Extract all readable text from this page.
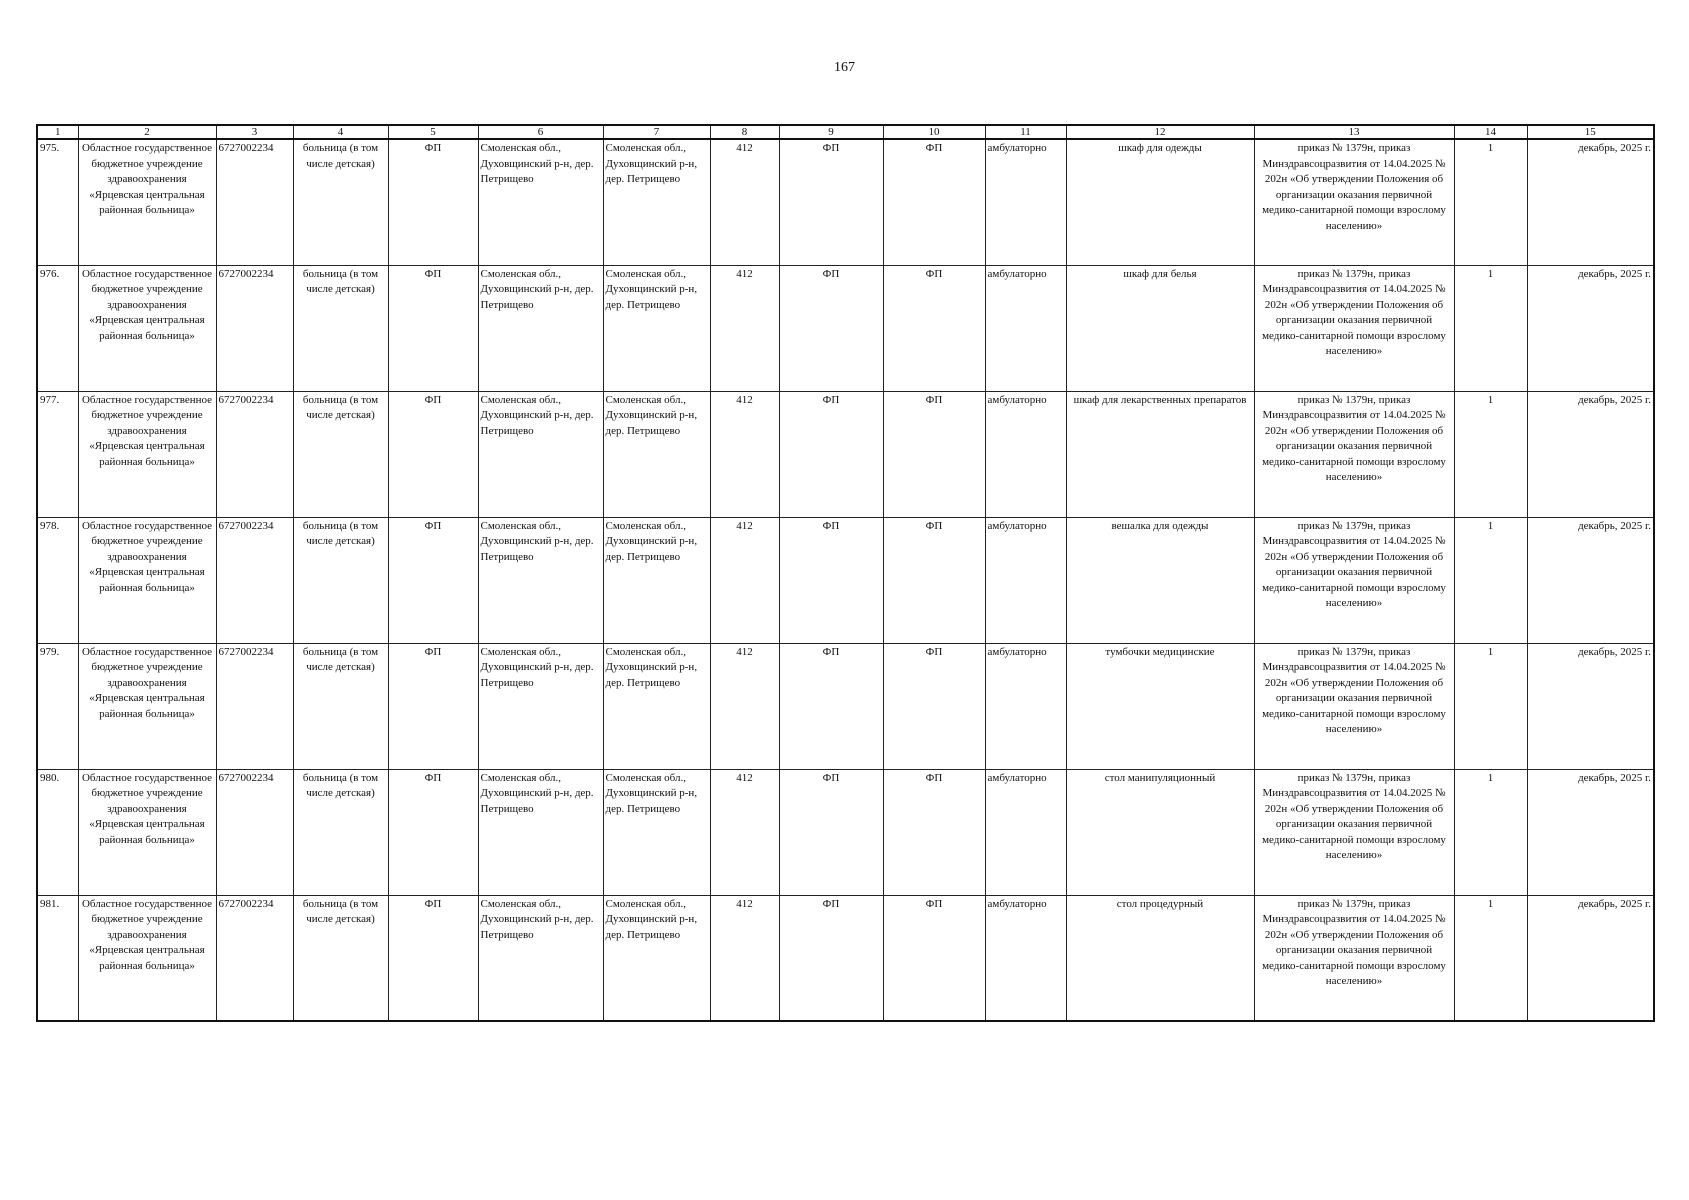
167
1	2	3	4	5	6	7	8	9	10	11	12	13	14	15
975.	Областное государственное бюджетное учреждение здравоохранения «Ярцевская центральная районная больница»	6727002234	больница (в том числе детская)	ФП	Смоленская обл., Духовщинский р-н, дер. Петрищево	Смоленская обл., Духовщинский р-н, дер. Петрищево	412	ФП	ФП	амбулаторно	шкаф для одежды	приказ № 1379н, приказ Минздравсоцразвития от 14.04.2025 № 202н «Об утверждении Положения об организации оказания первичной медико-санитарной помощи взрослому населению»	1	декабрь, 2025 г.
976.	Областное государственное бюджетное учреждение здравоохранения «Ярцевская центральная районная больница»	6727002234	больница (в том числе детская)	ФП	Смоленская обл., Духовщинский р-н, дер. Петрищево	Смоленская обл., Духовщинский р-н, дер. Петрищево	412	ФП	ФП	амбулаторно	шкаф для белья	приказ № 1379н, приказ Минздравсоцразвития от 14.04.2025 № 202н «Об утверждении Положения об организации оказания первичной медико-санитарной помощи взрослому населению»	1	декабрь, 2025 г.
977.	Областное государственное бюджетное учреждение здравоохранения «Ярцевская центральная районная больница»	6727002234	больница (в том числе детская)	ФП	Смоленская обл., Духовщинский р-н, дер. Петрищево	Смоленская обл., Духовщинский р-н, дер. Петрищево	412	ФП	ФП	амбулаторно	шкаф для лекарственных препаратов	приказ № 1379н, приказ Минздравсоцразвития от 14.04.2025 № 202н «Об утверждении Положения об организации оказания первичной медико-санитарной помощи взрослому населению»	1	декабрь, 2025 г.
978.	Областное государственное бюджетное учреждение здравоохранения «Ярцевская центральная районная больница»	6727002234	больница (в том числе детская)	ФП	Смоленская обл., Духовщинский р-н, дер. Петрищево	Смоленская обл., Духовщинский р-н, дер. Петрищево	412	ФП	ФП	амбулаторно	вешалка для одежды	приказ № 1379н, приказ Минздравсоцразвития от 14.04.2025 № 202н «Об утверждении Положения об организации оказания первичной медико-санитарной помощи взрослому населению»	1	декабрь, 2025 г.
979.	Областное государственное бюджетное учреждение здравоохранения «Ярцевская центральная районная больница»	6727002234	больница (в том числе детская)	ФП	Смоленская обл., Духовщинский р-н, дер. Петрищево	Смоленская обл., Духовщинский р-н, дер. Петрищево	412	ФП	ФП	амбулаторно	тумбочки медицинские	приказ № 1379н, приказ Минздравсоцразвития от 14.04.2025 № 202н «Об утверждении Положения об организации оказания первичной медико-санитарной помощи взрослому населению»	1	декабрь, 2025 г.
980.	Областное государственное бюджетное учреждение здравоохранения «Ярцевская центральная районная больница»	6727002234	больница (в том числе детская)	ФП	Смоленская обл., Духовщинский р-н, дер. Петрищево	Смоленская обл., Духовщинский р-н, дер. Петрищево	412	ФП	ФП	амбулаторно	стол манипуляционный	приказ № 1379н, приказ Минздравсоцразвития от 14.04.2025 № 202н «Об утверждении Положения об организации оказания первичной медико-санитарной помощи взрослому населению»	1	декабрь, 2025 г.
981.	Областное государственное бюджетное учреждение здравоохранения «Ярцевская центральная районная больница»	6727002234	больница (в том числе детская)	ФП	Смоленская обл., Духовщинский р-н, дер. Петрищево	Смоленская обл., Духовщинский р-н, дер. Петрищево	412	ФП	ФП	амбулаторно	стол процедурный	приказ № 1379н, приказ Минздравсоцразвития от 14.04.2025 № 202н «Об утверждении Положения об организации оказания первичной медико-санитарной помощи взрослому населению»	1	декабрь, 2025 г.
